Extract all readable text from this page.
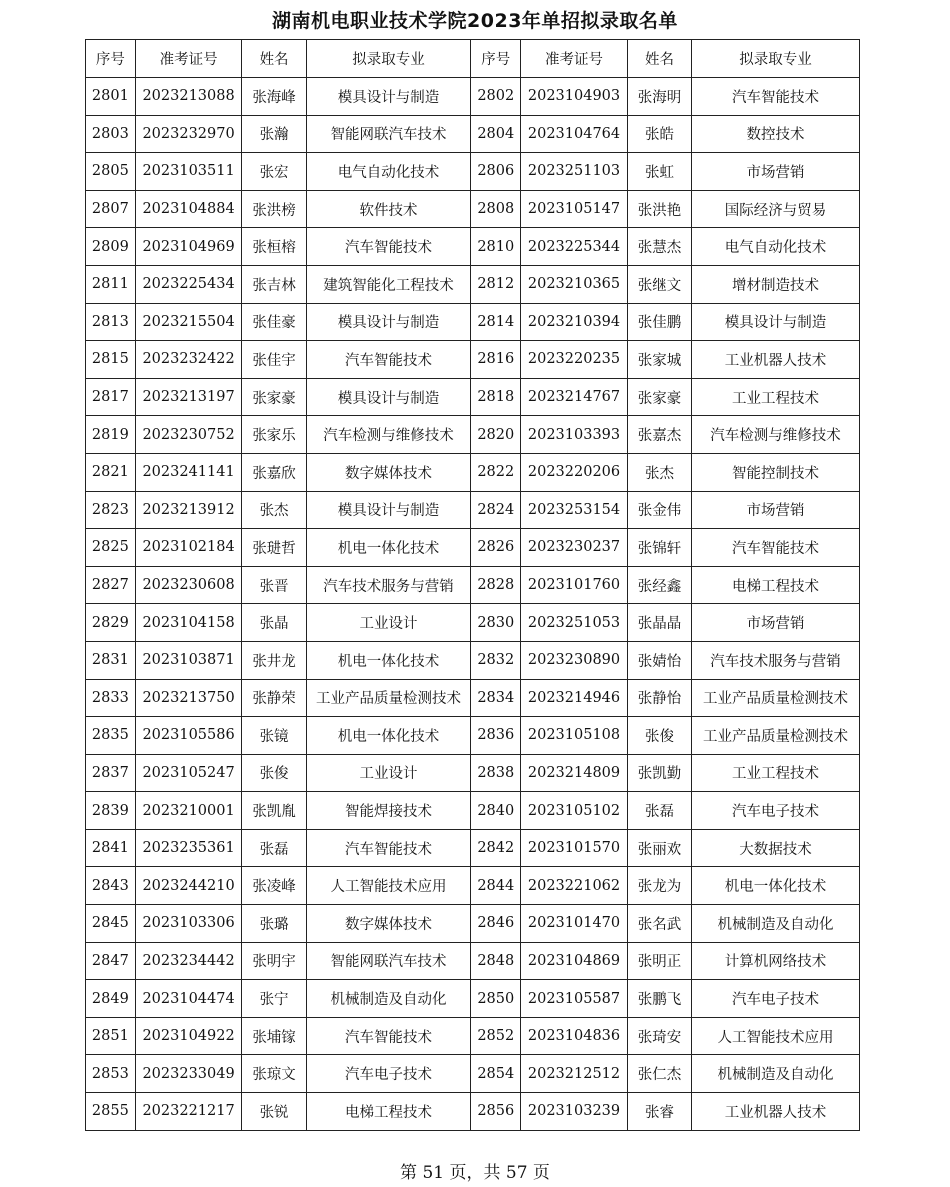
湖南机电职业技术学院2023年单招拟录取名单
序号	准考证号	姓名	拟录取专业	序号	准考证号	姓名	拟录取专业
2801	2023213088	张海峰	模具设计与制造	2802	2023104903	张海明	汽车智能技术
2803	2023232970	张瀚	智能网联汽车技术	2804	2023104764	张皓	数控技术
2805	2023103511	张宏	电气自动化技术	2806	2023251103	张虹	市场营销
2807	2023104884	张洪榜	软件技术	2808	2023105147	张洪艳	国际经济与贸易
2809	2023104969	张桓榕	汽车智能技术	2810	2023225344	张慧杰	电气自动化技术
2811	2023225434	张吉林	建筑智能化工程技术	2812	2023210365	张继文	增材制造技术
2813	2023215504	张佳豪	模具设计与制造	2814	2023210394	张佳鹏	模具设计与制造
2815	2023232422	张佳宇	汽车智能技术	2816	2023220235	张家城	工业机器人技术
2817	2023213197	张家豪	模具设计与制造	2818	2023214767	张家豪	工业工程技术
2819	2023230752	张家乐	汽车检测与维修技术	2820	2023103393	张嘉杰	汽车检测与维修技术
2821	2023241141	张嘉欣	数字媒体技术	2822	2023220206	张杰	智能控制技术
2823	2023213912	张杰	模具设计与制造	2824	2023253154	张金伟	市场营销
2825	2023102184	张琎哲	机电一体化技术	2826	2023230237	张锦轩	汽车智能技术
2827	2023230608	张晋	汽车技术服务与营销	2828	2023101760	张经鑫	电梯工程技术
2829	2023104158	张晶	工业设计	2830	2023251053	张晶晶	市场营销
2831	2023103871	张井龙	机电一体化技术	2832	2023230890	张婧怡	汽车技术服务与营销
2833	2023213750	张静荣	工业产品质量检测技术	2834	2023214946	张静怡	工业产品质量检测技术
2835	2023105586	张镜	机电一体化技术	2836	2023105108	张俊	工业产品质量检测技术
2837	2023105247	张俊	工业设计	2838	2023214809	张凯勤	工业工程技术
2839	2023210001	张凯胤	智能焊接技术	2840	2023105102	张磊	汽车电子技术
2841	2023235361	张磊	汽车智能技术	2842	2023101570	张丽欢	大数据技术
2843	2023244210	张凌峰	人工智能技术应用	2844	2023221062	张龙为	机电一体化技术
2845	2023103306	张璐	数字媒体技术	2846	2023101470	张名武	机械制造及自动化
2847	2023234442	张明宇	智能网联汽车技术	2848	2023104869	张明正	计算机网络技术
2849	2023104474	张宁	机械制造及自动化	2850	2023105587	张鹏飞	汽车电子技术
2851	2023104922	张埔镓	汽车智能技术	2852	2023104836	张琦安	人工智能技术应用
2853	2023233049	张琼文	汽车电子技术	2854	2023212512	张仁杰	机械制造及自动化
2855	2023221217	张锐	电梯工程技术	2856	2023103239	张睿	工业机器人技术
第 51 页，共 57 页
